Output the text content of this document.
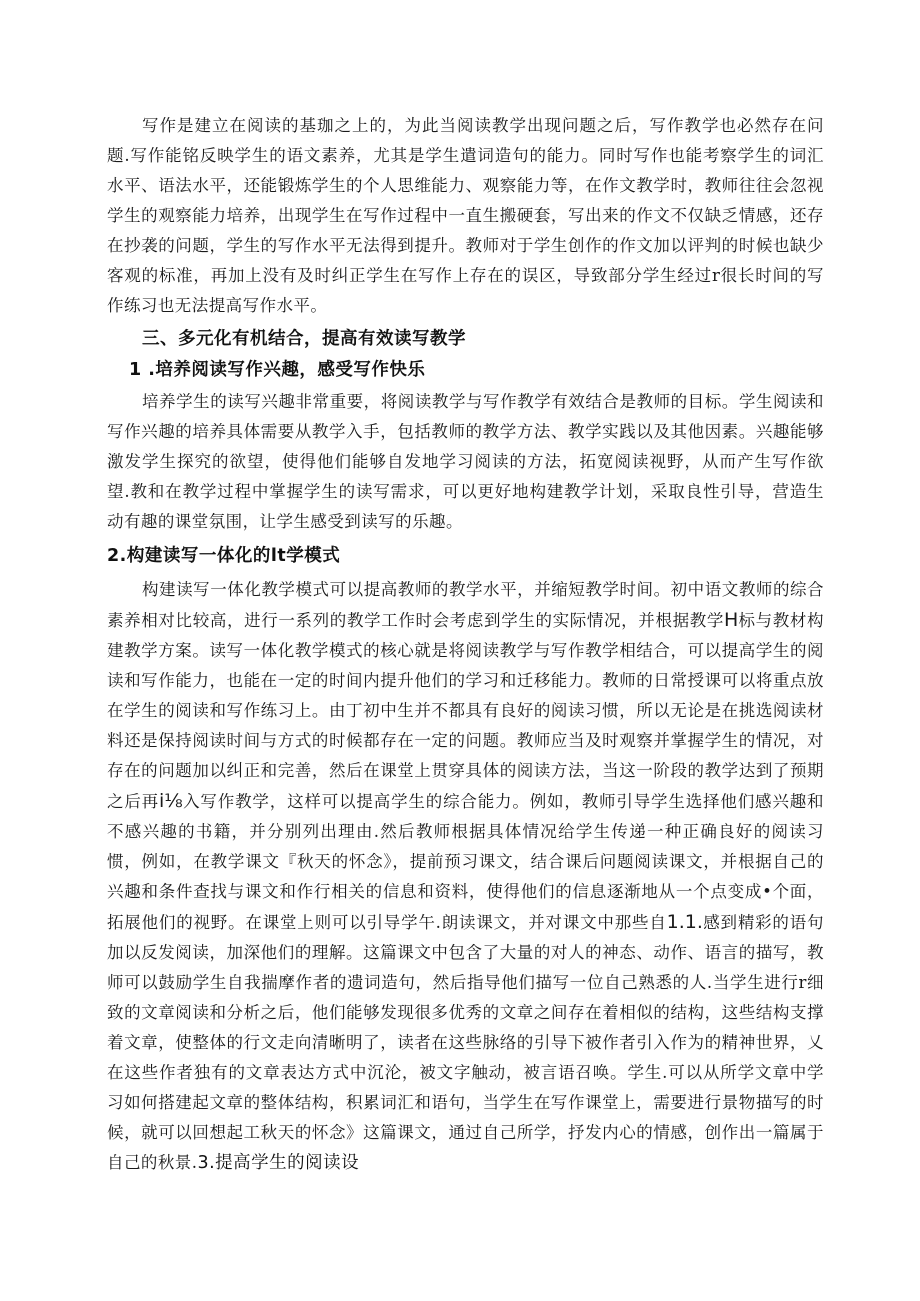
写作是建立在阅读的基珈之上的，为此当阅读教学出现问题之后，写作教学也必然存在问题.写作能铭反映学生的语文素养，尤其是学生遣词造句的能力。同时写作也能考察学生的词汇水平、语法水平，还能锻炼学生的个人思维能力、观察能力等，在作文教学时，教师往往会忽视学生的观察能力培养，出现学生在写作过程中一直生搬硬套，写出来的作文不仅缺乏情感，还存在抄袭的问题，学生的写作水平无法得到提升。教师对于学生创作的作文加以评判的时候也缺少客观的标准，再加上没有及时纠正学生在写作上存在的误区，导致部分学生经过r很长时间的写作练习也无法提高写作水平。

三、多元化有机结合，提高有效读写教学
1 .培养阅读写作兴趣，感受写作快乐

培养学生的读写兴趣非常重要，将阅读教学与写作教学有效结合是教师的目标。学生阅读和写作兴趣的培养具体需要从教学入手，包括教师的教学方法、教学实践以及其他因素。兴趣能够激发学生探究的欲望，使得他们能够自发地学习阅读的方法，拓宽阅读视野，从而产生写作欲望.教和在教学过程中掌握学生的读写需求，可以更好地构建教学计划，采取良性引导，营造生动有趣的课堂氛围，让学生感受到读写的乐趣。

2.构建读写一体化的lt学模式

构建读写一体化教学模式可以提高教师的教学水平，并缩短教学时间。初中语文教师的综合素养相对比较高，进行一系列的教学工作时会考虑到学生的实际情况，并根据教学H标与教材构建教学方案。读写一体化教学模式的核心就是将阅读教学与写作教学相结合，可以提高学生的阅读和写作能力，也能在一定的时间内提升他们的学习和迁移能力。教师的日常授课可以将重点放在学生的阅读和写作练习上。由丁初中生并不都具有良好的阅读习惯，所以无论是在挑选阅读材料还是保持阅读时间与方式的时候都存在一定的问题。教师应当及时观察并掌握学生的情况，对存在的问题加以纠正和完善，然后在课堂上贯穿具体的阅读方法，当这一阶段的教学达到了预期之后再i⅛入写作教学，这样可以提高学生的综合能力。例如，教师引导学生选择他们感兴趣和不感兴趣的书籍，并分别列出理由.然后教师根据具体情况给学生传递一种正确良好的阅读习惯，例如，在教学课文『秋天的怀念》，提前预习课文，结合课后问题阅读课文，并根据自己的兴趣和条件查找与课文和作行相关的信息和资料，使得他们的信息逐渐地从一个点变成•个面，拓展他们的视野。在课堂上则可以引导学午.朗读课文，并对课文中那些自1.1.感到精彩的语句加以反发阅读，加深他们的理解。这篇课文中包含了大量的对人的神态、动作、语言的描写，教师可以鼓励学生自我揣摩作者的遗词造句，然后指导他们描写一位自己熟悉的人.当学生进行r细致的文章阅读和分析之后，他们能够发现很多优秀的文章之间存在着相似的结构，这些结构支撑着文章，使整体的行文走向清晰明了，读者在这些脉络的引导下被作者引入作为的精神世界，乂在这些作者独有的文章表达方式中沉沦，被文字触动，被言语召唤。学生.可以从所学文章中学习如何搭建起文章的整体结构，积累词汇和语句，当学生在写作课堂上，需要进行景物描写的时候，就可以回想起工秋天的怀念》这篇课文，通过自己所学，抒发内心的情感，创作出一篇属于自己的秋景.3.提高学生的阅读设
